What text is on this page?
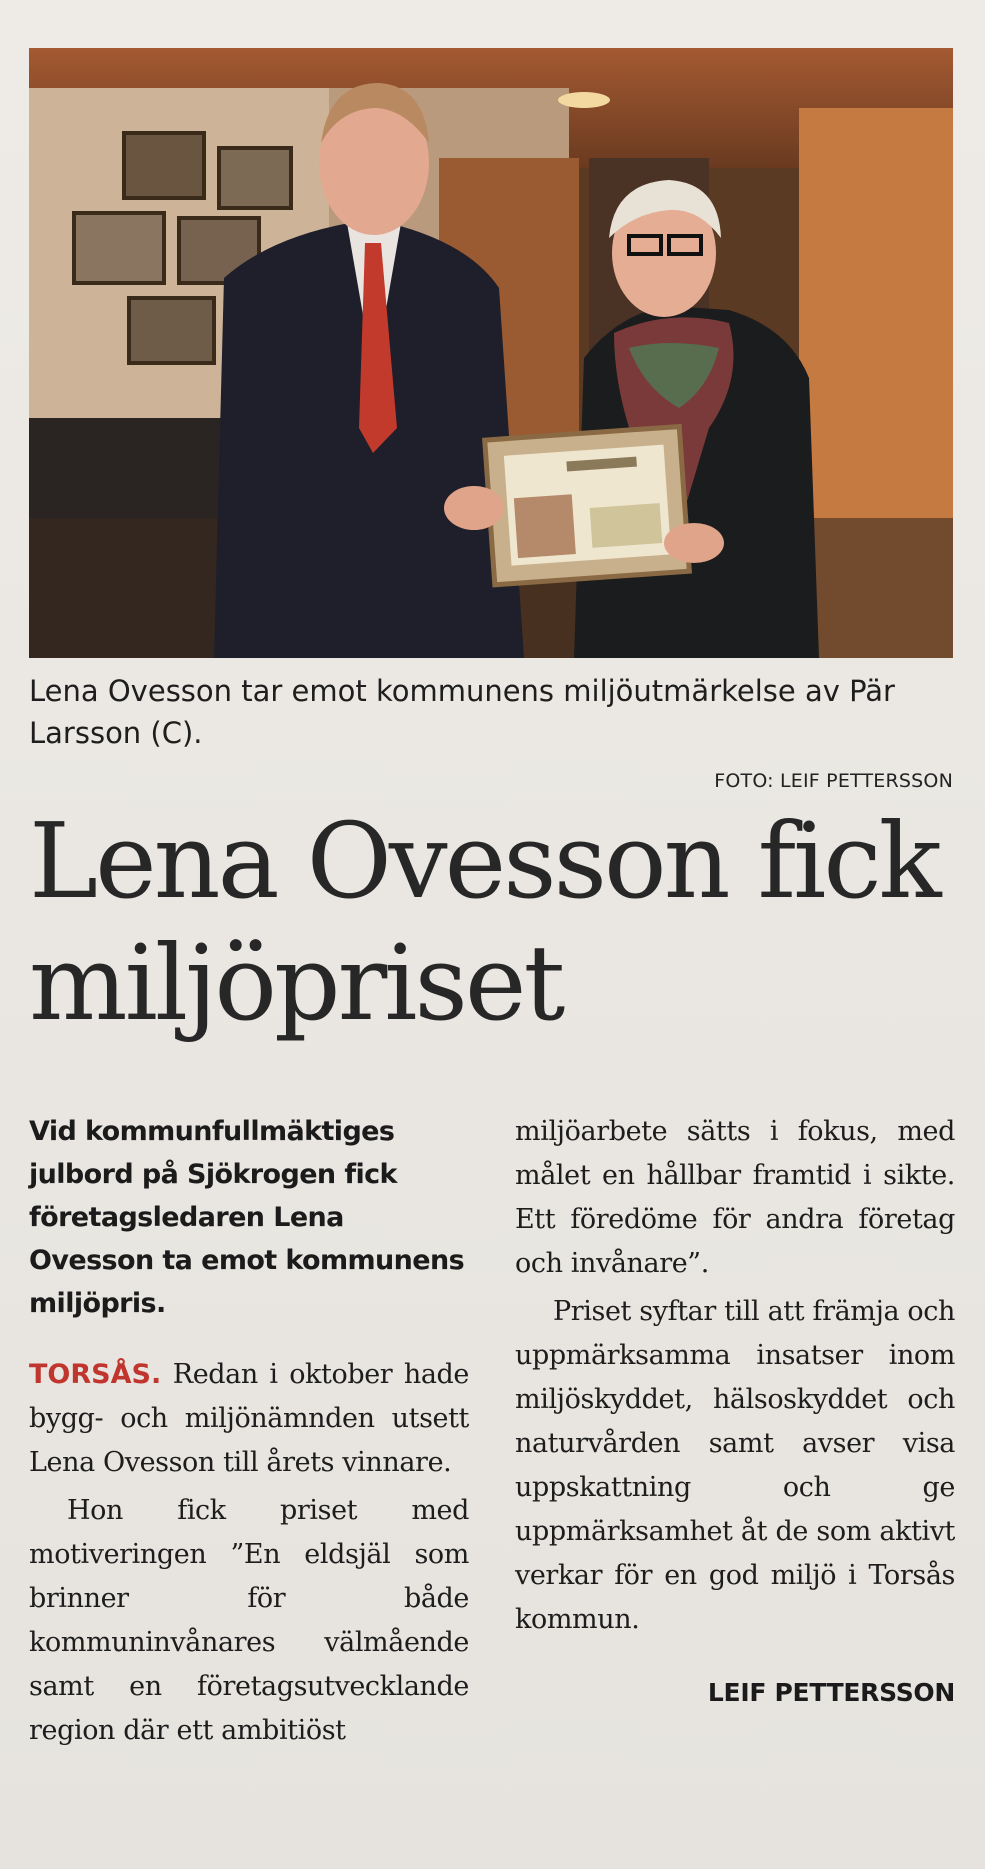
Lena Ovesson tar emot kommunens miljöutmärkelse av Pär Larsson (C).
FOTO: LEIF PETTERSSON
Lena Ovesson fick miljöpriset

Vid kommunfullmäktiges julbord på Sjökrogen fick företagsledaren Lena Ovesson ta emot kommunens miljöpris.

TORSÅS. Redan i oktober hade bygg- och miljönämnden utsett Lena Ovesson till årets vinnare.

Hon fick priset med motiveringen ”En eldsjäl som brinner för både kommuninvånares välmående samt en företagsutvecklande region där ett ambitiöst

miljöarbete sätts i fokus, med målet en hållbar framtid i sikte. Ett föredöme för andra företag och invånare”.

Priset syftar till att främja och uppmärksamma insatser inom miljöskyddet, hälsoskyddet och naturvården samt avser visa uppskattning och ge uppmärksamhet åt de som aktivt verkar för en god miljö i Torsås kommun.

LEIF PETTERSSON
